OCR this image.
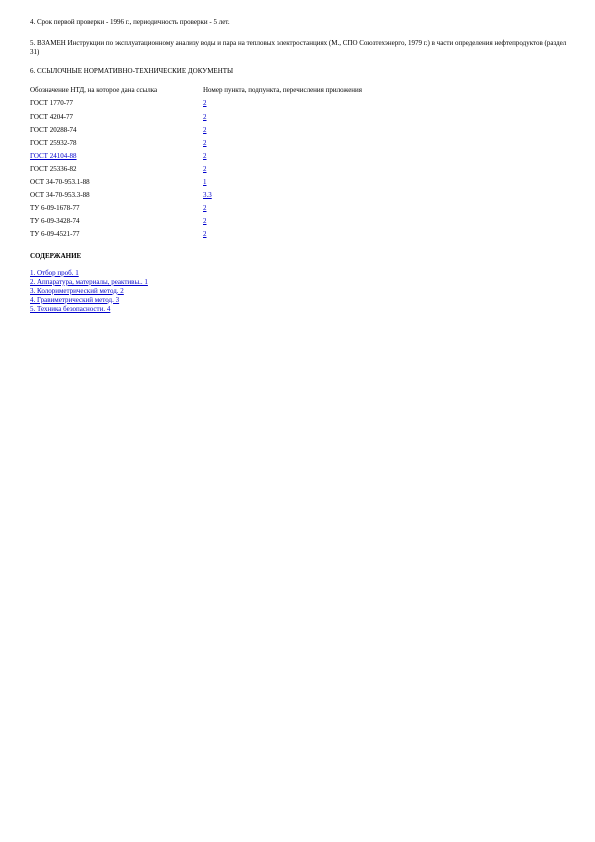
4. Срок первой проверки - 1996 г., периодичность проверки - 5 лет.

5. ВЗАМЕН Инструкции по эксплуатационному анализу воды и пара на тепловых электростанциях (М., СПО Союзтехэнерго, 1979 г.) в части определения нефтепродуктов (раздел 31)

6. ССЫЛОЧНЫЕ НОРМАТИВНО-ТЕХНИЧЕСКИЕ ДОКУМЕНТЫ

Обозначение НТД, на которое дана ссылка	Номер пункта, подпункта, перечисления приложения
ГОСТ 1770-77	2
ГОСТ 4204-77	2
ГОСТ 20288-74	2
ГОСТ 25932-78	2
ГОСТ 24104-88	2
ГОСТ 25336-82	2
ОСТ 34-70-953.1-88	1
ОСТ 34-70-953.3-88	3.3
ТУ 6-09-1678-77	2
ТУ 6-09-3428-74	2
ТУ 6-09-4521-77	2

СОДЕРЖАНИЕ

1. Отбор проб. 1
2. Аппаратура, материалы, реактивы.. 1
3. Колориметрический метод. 2
4. Гравиметрический метод. 3
5. Техника безопасности. 4
